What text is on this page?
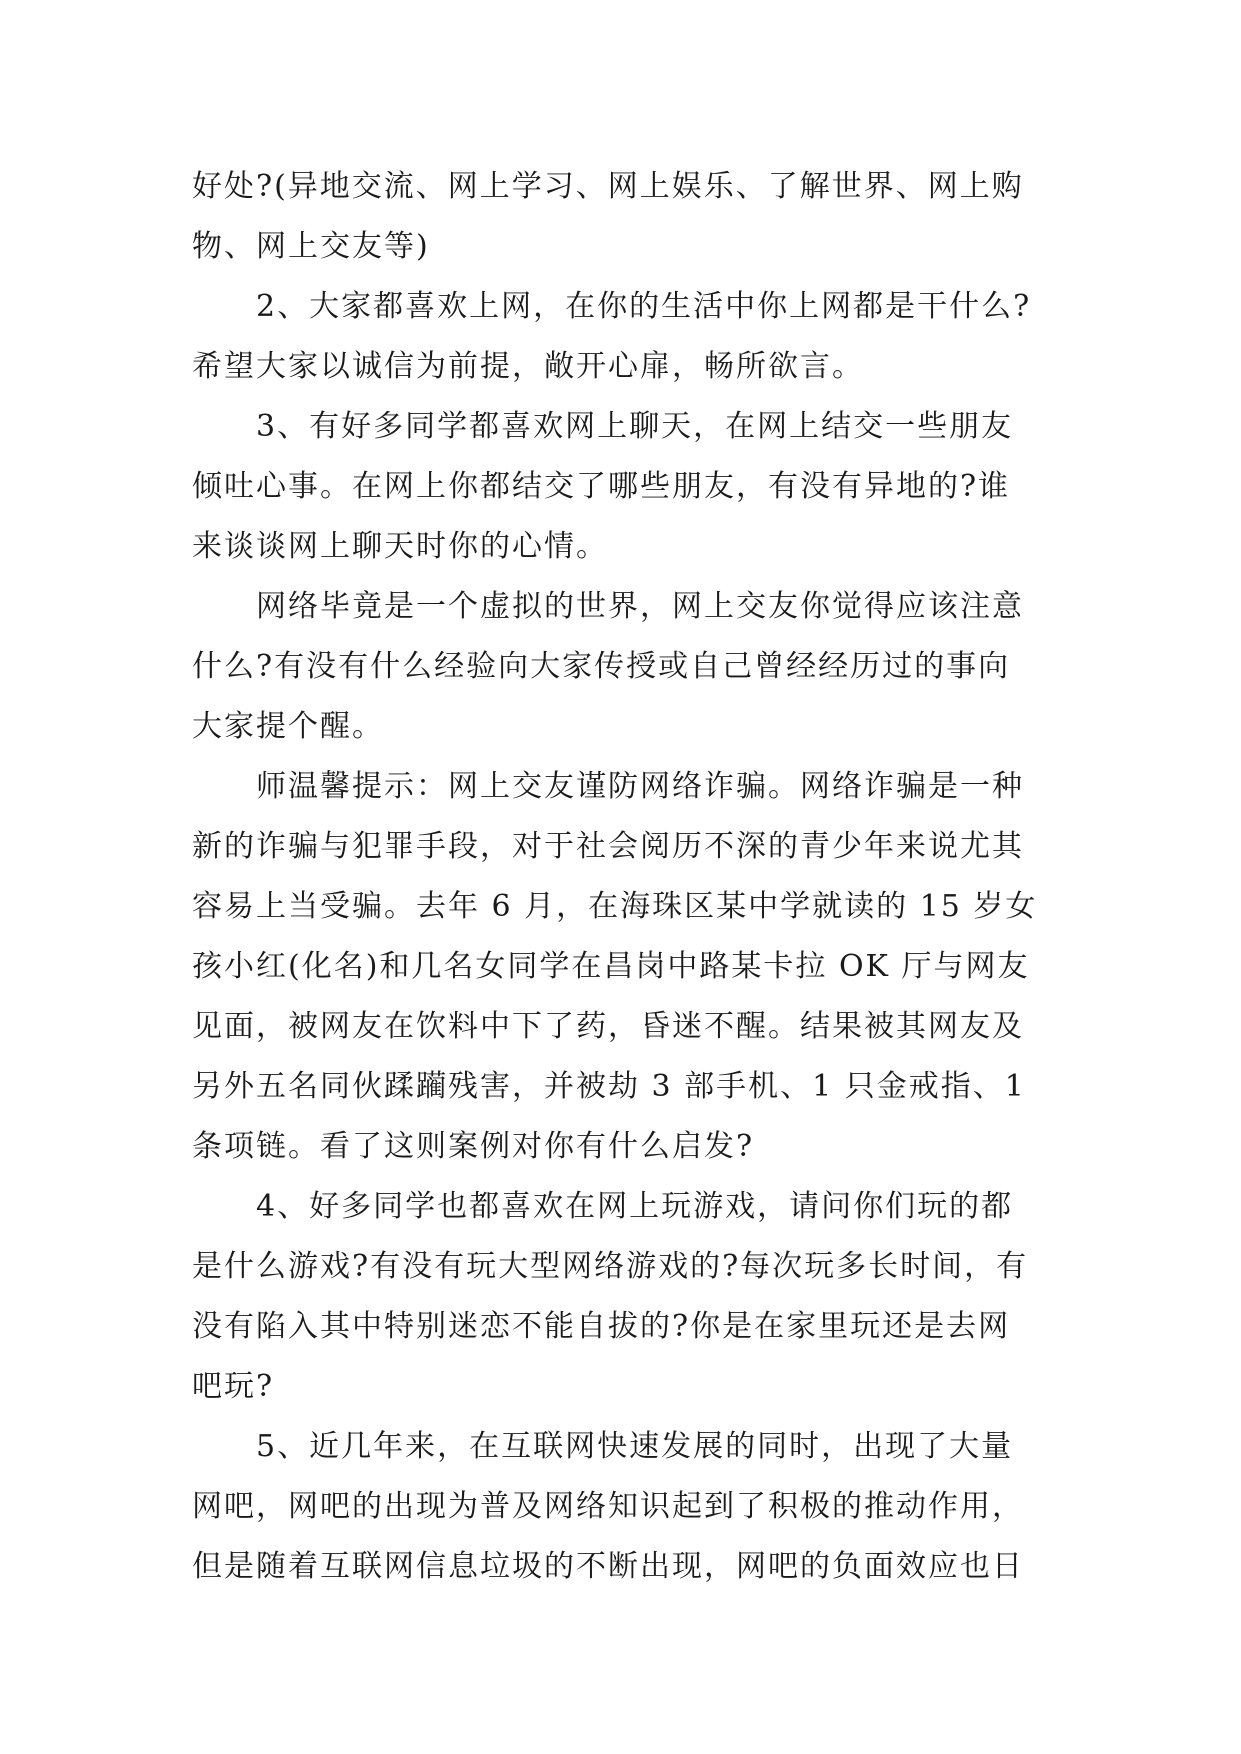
好处?(异地交流、网上学习、网上娱乐、了解世界、网上购
物、网上交友等)
2、大家都喜欢上网，在你的生活中你上网都是干什么?
希望大家以诚信为前提，敞开心扉，畅所欲言。
3、有好多同学都喜欢网上聊天，在网上结交一些朋友
倾吐心事。在网上你都结交了哪些朋友，有没有异地的?谁
来谈谈网上聊天时你的心情。
网络毕竟是一个虚拟的世界，网上交友你觉得应该注意
什么?有没有什么经验向大家传授或自己曾经经历过的事向
大家提个醒。
师温馨提示：网上交友谨防网络诈骗。网络诈骗是一种
新的诈骗与犯罪手段，对于社会阅历不深的青少年来说尤其
容易上当受骗。去年 6 月，在海珠区某中学就读的 15 岁女
孩小红(化名)和几名女同学在昌岗中路某卡拉 OK 厅与网友
见面，被网友在饮料中下了药，昏迷不醒。结果被其网友及
另外五名同伙蹂躏残害，并被劫 3 部手机、1 只金戒指、1
条项链。看了这则案例对你有什么启发?
4、好多同学也都喜欢在网上玩游戏，请问你们玩的都
是什么游戏?有没有玩大型网络游戏的?每次玩多长时间，有
没有陷入其中特别迷恋不能自拔的?你是在家里玩还是去网
吧玩?
5、近几年来，在互联网快速发展的同时，出现了大量
网吧，网吧的出现为普及网络知识起到了积极的推动作用，
但是随着互联网信息垃圾的不断出现，网吧的负面效应也日
